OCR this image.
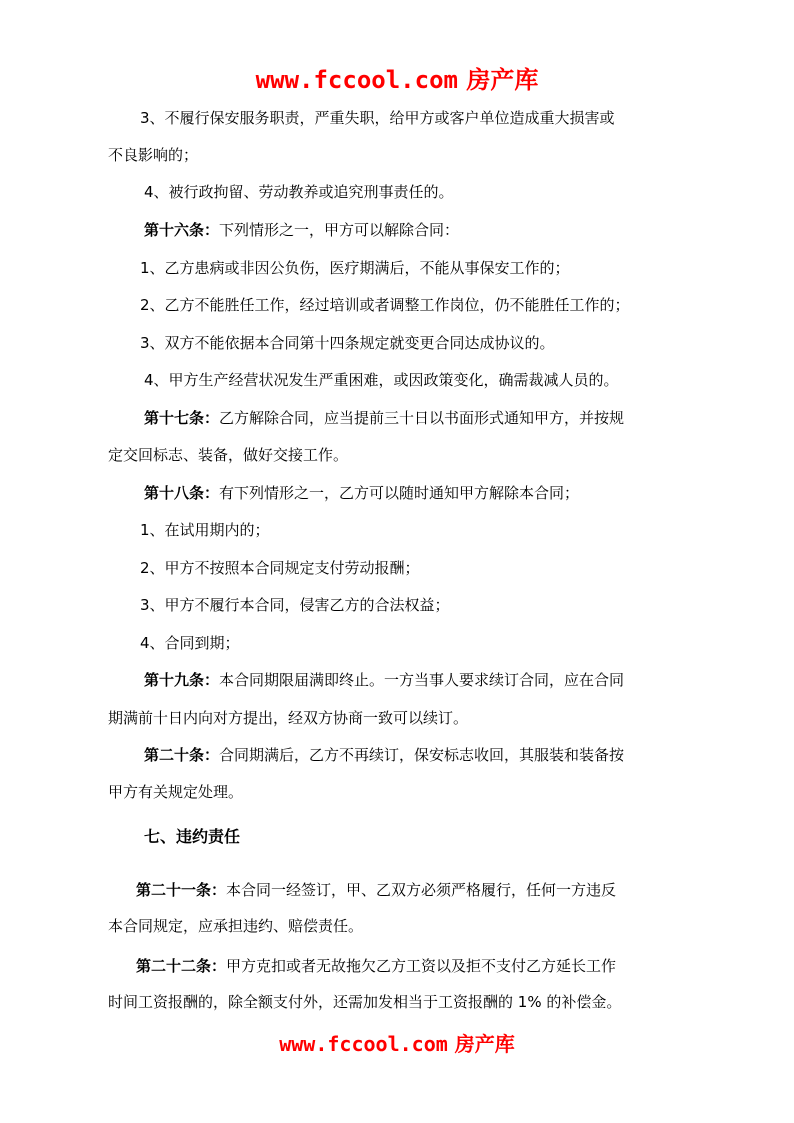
www.fccool.com 房产库
3、不履行保安服务职责，严重失职，给甲方或客户单位造成重大损害或
不良影响的；
4、被行政拘留、劳动教养或追究刑事责任的。
第十六条：下列情形之一，甲方可以解除合同：
1、乙方患病或非因公负伤，医疗期满后，不能从事保安工作的；
2、乙方不能胜任工作，经过培训或者调整工作岗位，仍不能胜任工作的；
3、双方不能依据本合同第十四条规定就变更合同达成协议的。
4、甲方生产经营状况发生严重困难，或因政策变化，确需裁减人员的。
第十七条：乙方解除合同，应当提前三十日以书面形式通知甲方，并按规
定交回标志、装备，做好交接工作。
第十八条：有下列情形之一，乙方可以随时通知甲方解除本合同；
1、在试用期内的；
2、甲方不按照本合同规定支付劳动报酬；
3、甲方不履行本合同，侵害乙方的合法权益；
4、合同到期；
第十九条：本合同期限届满即终止。一方当事人要求续订合同，应在合同
期满前十日内向对方提出，经双方协商一致可以续订。
第二十条：合同期满后，乙方不再续订，保安标志收回，其服装和装备按
甲方有关规定处理。
七、违约责任
第二十一条：本合同一经签订，甲、乙双方必须严格履行，任何一方违反
本合同规定，应承担违约、赔偿责任。
第二十二条：甲方克扣或者无故拖欠乙方工资以及拒不支付乙方延长工作
时间工资报酬的，除全额支付外，还需加发相当于工资报酬的 1% 的补偿金。
www.fccool.com 房产库
